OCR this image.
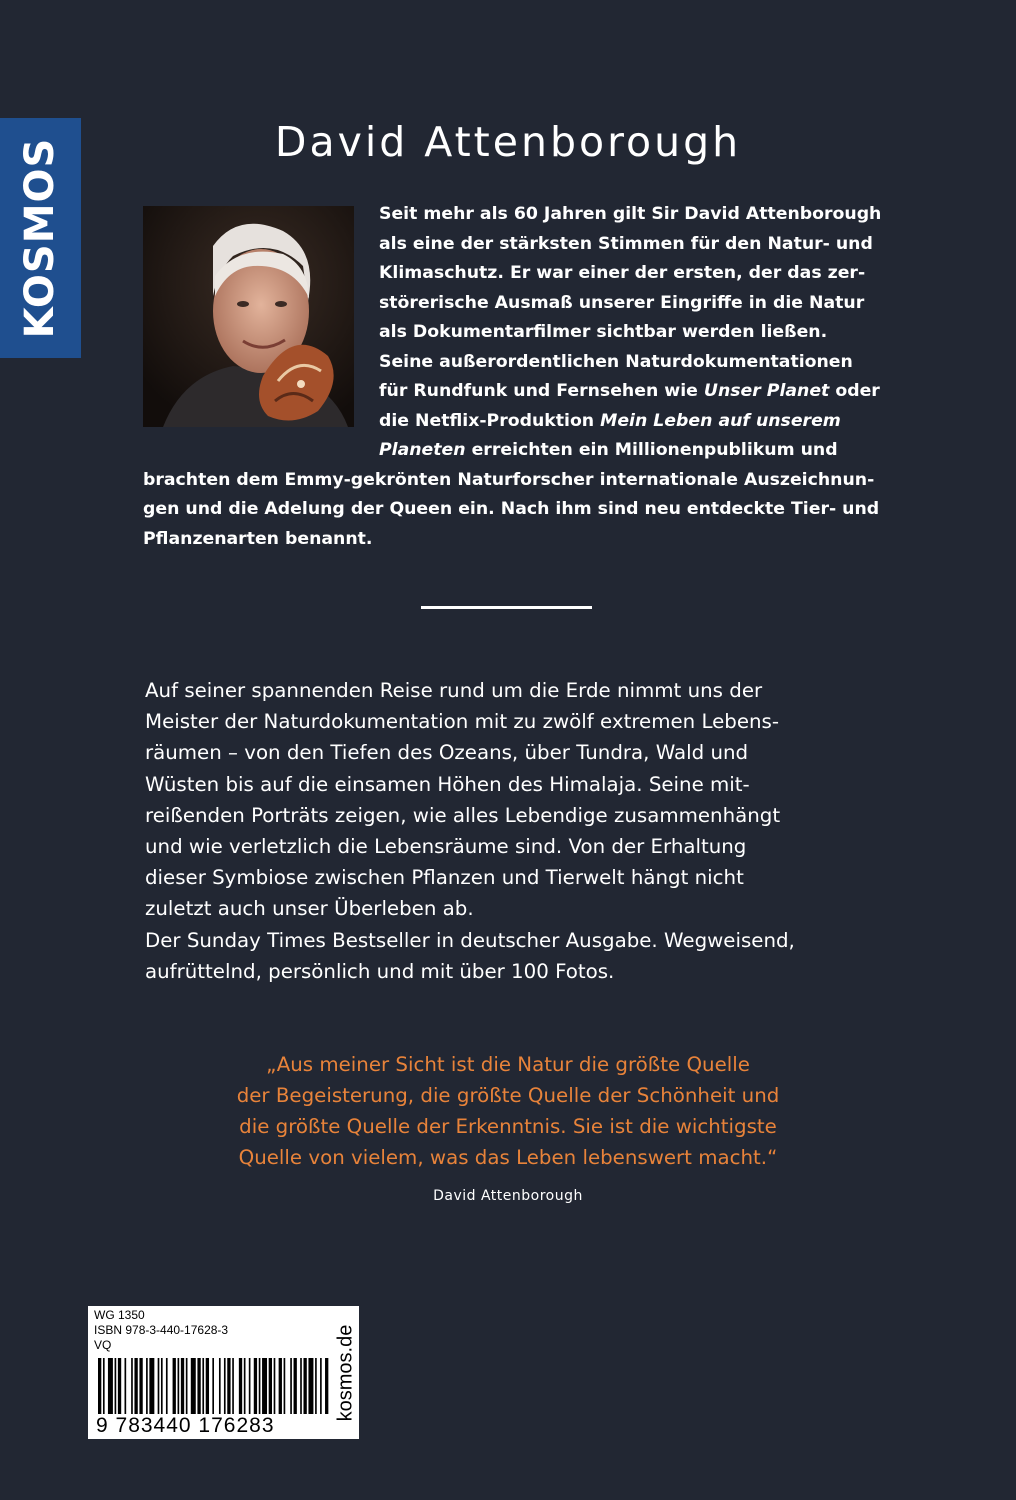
KOSMOS	David Attenborough
Seit mehr als 60 Jahren gilt Sir David Attenborough
als eine der stärksten Stimmen für den Natur- und
Klimaschutz. Er war einer der ersten, der das zer-
störerische Ausmaß unserer Eingriffe in die Natur
als Dokumentarfilmer sichtbar werden ließen.
Seine außerordentlichen Naturdokumentationen
für Rundfunk und Fernsehen wie Unser Planet oder
die Netflix-Produktion Mein Leben auf unserem
Planeten erreichten ein Millionenpublikum und
brachten dem Emmy-gekrönten Naturforscher internationale Auszeichnun-
gen und die Adelung der Queen ein. Nach ihm sind neu entdeckte Tier- und
Pflanzenarten benannt.
Auf seiner spannenden Reise rund um die Erde nimmt uns der
Meister der Naturdokumentation mit zu zwölf extremen Lebens-
räumen – von den Tiefen des Ozeans, über Tundra, Wald und
Wüsten bis auf die einsamen Höhen des Himalaja. Seine mit-
reißenden Porträts zeigen, wie alles Lebendige zusammenhängt
und wie verletzlich die Lebensräume sind. Von der Erhaltung
dieser Symbiose zwischen Pflanzen und Tierwelt hängt nicht
zuletzt auch unser Überleben ab.
Der Sunday Times Bestseller in deutscher Ausgabe. Wegweisend,
aufrüttelnd, persönlich und mit über 100 Fotos.
„Aus meiner Sicht ist die Natur die größte Quelle
der Begeisterung, die größte Quelle der Schönheit und
die größte Quelle der Erkenntnis. Sie ist die wichtigste
Quelle von vielem, was das Leben lebenswert macht.“
David Attenborough
WG 1350
ISBN 978-3-440-17628-3
VQ
9 783440 176283
kosmos.de
